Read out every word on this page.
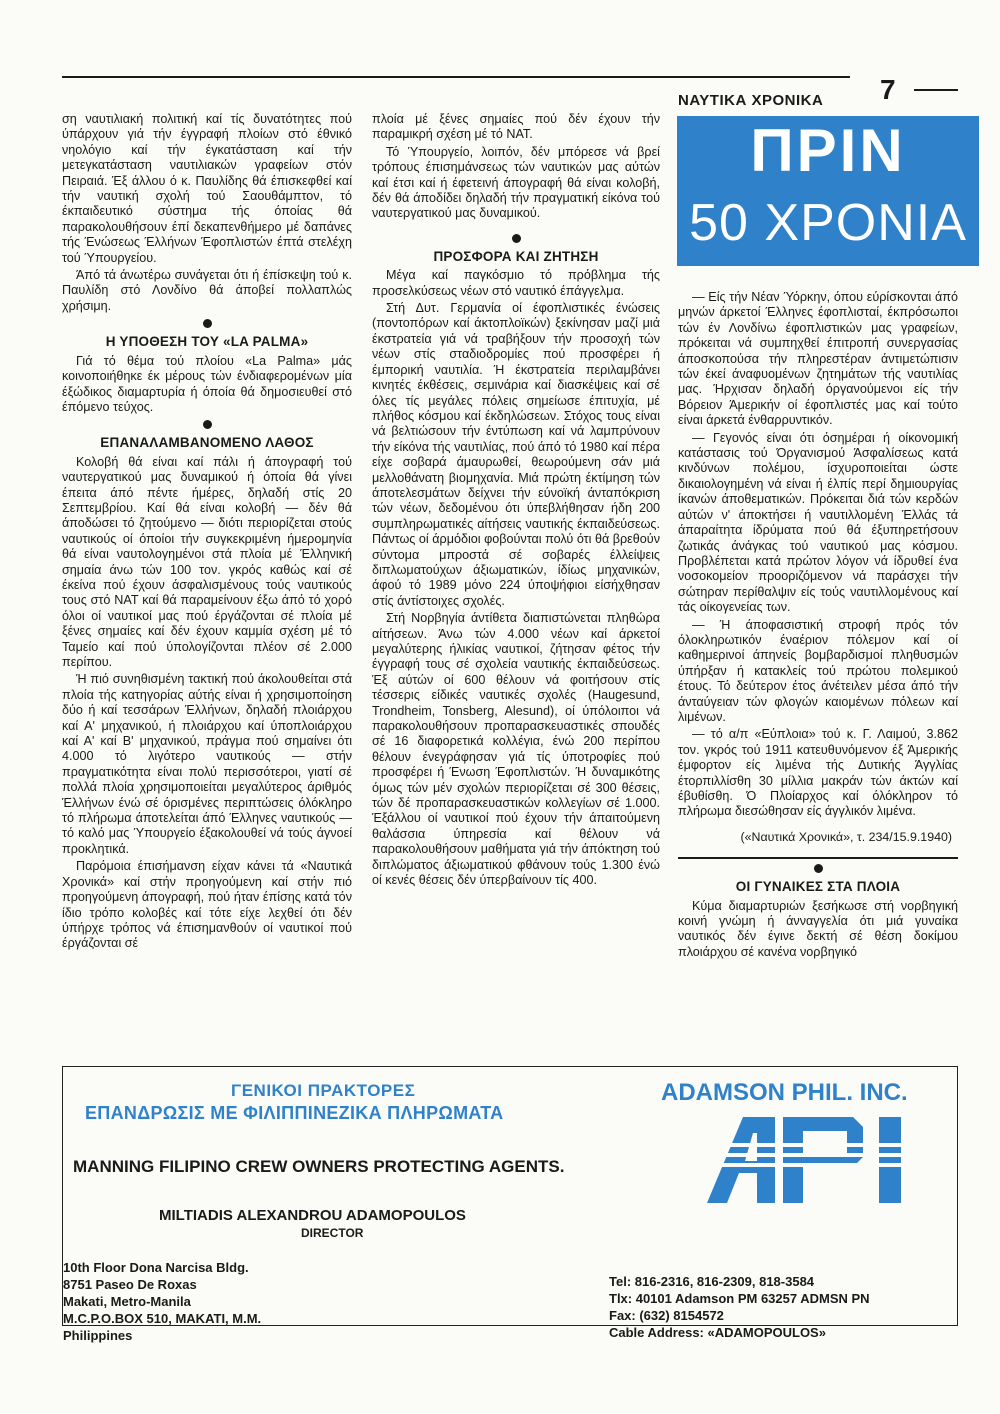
ΝΑΥΤΙΚΑ ΧΡΟΝΙΚΑ 7

ση ναυτιλιακή πολιτική καί τίς δυνατότητες πού ύπάρχουν γιά τήν έγγραφή πλοίων στό έθνικό νηολόγιο καί τήν έγκατάσταση καί τήν μετεγκατάσταση ναυτιλιακών γραφείων στόν Πειραιά. Έξ άλλου ό κ. Παυλίδης θά έπισκεφθεί καί τήν ναυτική σχολή τού Σαουθάμπτον, τό έκπαιδευτικό σύστημα τής όποίας θά παρακολουθήσουν έπί δεκαπενθήμερο μέ δαπάνες τής Ένώσεως Έλλήνων Έφοπλιστών έπτά στελέχη τού Ύπουργείου.

Άπό τά άνωτέρω συνάγεται ότι ή έπίσκεψη τού κ. Παυλίδη στό Λονδίνο θά άποβεί πολλαπλώς χρήσιμη.

Η ΥΠΟΘΕΣΗ ΤΟΥ «LA PALMA»

Γιά τό θέμα τού πλοίου «La Palma» μάς κοινοποιήθηκε έκ μέρους τών ένδιαφερομένων μία έξώδικος διαμαρτυρία ή όποία θά δημοσιευθεί στό έπόμενο τεύχος.

ΕΠΑΝΑΛΑΜΒΑΝΟΜΕΝΟ ΛΑΘΟΣ

Κολοβή θά είναι καί πάλι ή άπογραφή τού ναυτεργατικού μας δυναμικού ή όποία θά γίνει έπειτα άπό πέντε ήμέρες, δηλαδή στίς 20 Σεπτεμβρίου. Καί θά είναι κολοβή — δέν θά άποδώσει τό ζητούμενο — διότι περιορίζεται στούς ναυτικούς οί όποίοι τήν συγκεκριμένη ήμερομηνία θά είναι ναυτολογημένοι στά πλοία μέ Έλληνική σημαία άνω τών 100 τον. γκρός καθώς καί σέ έκείνα πού έχουν άσφαλισμένους τούς ναυτικούς τους στό ΝΑΤ καί θά παραμείνουν έξω άπό τό χορό όλοι οί ναυτικοί μας πού έργάζονται σέ πλοία μέ ξένες σημαίες καί δέν έχουν καμμία σχέση μέ τό Ταμείο καί πού ύπολογίζονται πλέον σέ 2.000 περίπου.

Ή πιό συνηθισμένη τακτική πού άκολουθείται στά πλοία τής κατηγορίας αύτής είναι ή χρησιμοποίηση δύο ή καί τεσσάρων Έλλήνων, δηλαδή πλοιάρχου καί Α' μηχανικού, ή πλοιάρχου καί ύποπλοιάρχου καί Α' καί Β' μηχανικού, πράγμα πού σημαίνει ότι 4.000 τό λιγότερο ναυτικούς — στήν πραγματικότητα είναι πολύ περισσότεροι, γιατί σέ πολλά πλοία χρησιμοποιείται μεγαλύτερος άριθμός Έλλήνων ένώ σέ όρισμένες περιπτώσεις όλόκληρο τό πλήρωμα άποτελείται άπό Έλληνες ναυτικούς — τό καλό μας Ύπουργείο έξακολουθεί νά τούς άγνοεί προκλητικά.

Παρόμοια έπισήμανση είχαν κάνει τά «Ναυτικά Χρονικά» καί στήν προηγούμενη καί στήν πιό προηγούμενη άπογραφή, πού ήταν έπίσης κατά τόν ίδιο τρόπο κολοβές καί τότε είχε λεχθεί ότι δέν ύπήρχε τρόπος νά έπισημανθούν οί ναυτικοί πού έργάζονται σέ

πλοία μέ ξένες σημαίες πού δέν έχουν τήν παραμικρή σχέση μέ τό ΝΑΤ.

Τό Ύπουργείο, λοιπόν, δέν μπόρεσε νά βρεί τρόπους έπισημάνσεως τών ναυτικών μας αύτών καί έτσι καί ή έφετεινή άπογραφή θά είναι κολοβή, δέν θά άποδίδει δηλαδή τήν πραγματική είκόνα τού ναυτεργατικού μας δυναμικού.

ΠΡΟΣΦΟΡΑ ΚΑΙ ΖΗΤΗΣΗ

Μέγα καί παγκόσμιο τό πρόβλημα τής προσελκύσεως νέων στό ναυτικό έπάγγελμα.

Στή Δυτ. Γερμανία οί έφοπλιστικές ένώσεις (ποντοπόρων καί άκτοπλοϊκών) ξεκίνησαν μαζί μιά έκστρατεία γιά νά τραβήξουν τήν προσοχή τών νέων στίς σταδιοδρομίες πού προσφέρει ή έμπορική ναυτιλία. Ή έκστρατεία περιλαμβάνει κινητές έκθέσεις, σεμινάρια καί διασκέψεις καί σέ όλες τίς μεγάλες πόλεις σημείωσε έπιτυχία, μέ πλήθος κόσμου καί έκδηλώσεων. Στόχος τους είναι νά βελτιώσουν τήν έντύπωση καί νά λαμπρύνουν τήν είκόνα τής ναυτιλίας, πού άπό τό 1980 καί πέρα είχε σοβαρά άμαυρωθεί, θεωρούμενη σάν μιά μελλοθάνατη βιομηχανία. Μιά πρώτη έκτίμηση τών άποτελεσμάτων δείχνει τήν εύνοϊκή άνταπόκριση τών νέων, δεδομένου ότι ύπεβλήθησαν ήδη 200 συμπληρωματικές αίτήσεις ναυτικής έκπαιδεύσεως. Πάντως οί άρμόδιοι φοβούνται πολύ ότι θά βρεθούν σύντομα μπροστά σέ σοβαρές έλλείψεις διπλωματούχων άξιωματικών, ίδίως μηχανικών, άφού τό 1989 μόνο 224 ύποψήφιοι είσήχθησαν στίς άντίστοιχες σχολές.

Στή Νορβηγία άντίθετα διαπιστώνεται πληθώρα αίτήσεων. Άνω τών 4.000 νέων καί άρκετοί μεγαλύτερης ήλικίας ναυτικοί, ζήτησαν φέτος τήν έγγραφή τους σέ σχολεία ναυτικής έκπαιδεύσεως. Έξ αύτών οί 600 θέλουν νά φοιτήσουν στίς τέσσερις είδικές ναυτικές σχολές (Haugesund, Trondheim, Tonsberg, Alesund), οί ύπόλοιποι νά παρακολουθήσουν προπαρασκευαστικές σπουδές σέ 16 διαφορετικά κολλέγια, ένώ 200 περίπου θέλουν ένεγράφησαν γιά τίς ύποτροφίες πού προσφέρει ή Ένωση Έφοπλιστών. Ή δυναμικότης όμως τών μέν σχολών περιορίζεται σέ 300 θέσεις, τών δέ προπαρασκευαστικών κολλεγίων σέ 1.000. Έξάλλου οί ναυτικοί πού έχουν τήν άπαιτούμενη θαλάσσια ύπηρεσία καί θέλουν νά παρακολουθήσουν μαθήματα γιά τήν άπόκτηση τού διπλώματος άξιωματικού φθάνουν τούς 1.300 ένώ οί κενές θέσεις δέν ύπερβαίνουν τίς 400.

ΠΡΙΝ
50 ΧΡΟΝΙΑ

— Είς τήν Νέαν Ύόρκην, όπου εύρίσκονται άπό μηνών άρκετοί Έλληνες έφοπλισταί, έκπρόσωποι τών έν Λονδίνω έφοπλιστικών μας γραφείων, πρόκειται νά συμπηχθεί έπιτροπή συνεργασίας άποσκοπούσα τήν πληρεστέραν άντιμετώπισιν τών έκεί άναφυομένων ζητημάτων τής ναυτιλίας μας. Ήρχισαν δηλαδή όργανούμενοι είς τήν Βόρειον Άμερικήν οί έφοπλιστές μας καί τούτο είναι άρκετά ένθαρρυντικόν.

— Γεγονός είναι ότι όσημέραι ή οίκονομική κατάστασις τού Όργανισμού Άσφαλίσεως κατά κινδύνων πολέμου, ίσχυροποιείται ώστε δικαιολογημένη νά είναι ή έλπίς περί δημιουργίας ίκανών άποθεματικών. Πρόκειται διά τών κερδών αύτών ν' άποκτήσει ή ναυτιλλομένη Έλλάς τά άπαραίτητα ίδρύματα πού θά έξυπηρετήσουν ζωτικάς άνάγκας τού ναυτικού μας κόσμου. Προβλέπεται κατά πρώτον λόγον νά ίδρυθεί ένα νοσοκομείον προοριζόμενον νά παράσχει τήν σώτηραν περίθαλψιν είς τούς ναυτιλλομένους καί τάς οίκογενείας των.

— Ή άποφασιστική στροφή πρός τόν όλοκληρωτικόν έναέριον πόλεμον καί οί καθημερινοί άπηνείς βομβαρδισμοί πληθυσμών ύπήρξαν ή κατακλείς τού πρώτου πολεμικού έτους. Τό δεύτερον έτος άνέτειλεν μέσα άπό τήν άνταύγειαν τών φλογών καιομένων πόλεων καί λιμένων.

— τό α/π «Εύπλοια» τού κ. Γ. Λαιμού, 3.862 τον. γκρός τού 1911 κατευθυνόμενον έξ Άμερικής έμφορτον είς λιμένα τής Δυτικής Άγγλίας έτορπιλλίσθη 30 μίλλια μακράν τών άκτών καί έβυθίσθη. Ό Πλοίαρχος καί όλόκληρον τό πλήρωμα διεσώθησαν είς άγγλικόν λιμένα.

(«Ναυτικά Χρονικά», τ. 234/15.9.1940)
ΟΙ ΓΥΝΑΙΚΕΣ ΣΤΑ ΠΛΟΙΑ

Κύμα διαμαρτυριών ξεσήκωσε στή νορβηγική κοινή γνώμη ή άνναγγελία ότι μιά γυναίκα ναυτικός δέν έγινε δεκτή σέ θέση δοκίμου πλοιάρχου σέ κανένα νορβηγικό

ΓΕΝΙΚΟΙ ΠΡΑΚΤΟΡΕΣ
ΕΠΑΝΔΡΩΣΙΣ ΜΕ ΦΙΛΙΠΠΙΝΕΖΙΚΑ ΠΛΗΡΩΜΑΤΑ
ADAMSON PHIL. INC.
MANNING FILIPINO CREW OWNERS PROTECTING AGENTS.
MILTIADIS ALEXANDROU ADAMOPOULOS
DIRECTOR
10th Floor Dona Narcisa Bldg.
8751 Paseo De Roxas
Makati, Metro-Manila
M.C.P.O.BOX 510, MAKATI, M.M.
Philippines
Tel: 816-2316, 816-2309, 818-3584
Tlx: 40101 Adamson PM 63257 ADMSN PN
Fax: (632) 8154572
Cable Address: «ADAMOPOULOS»
